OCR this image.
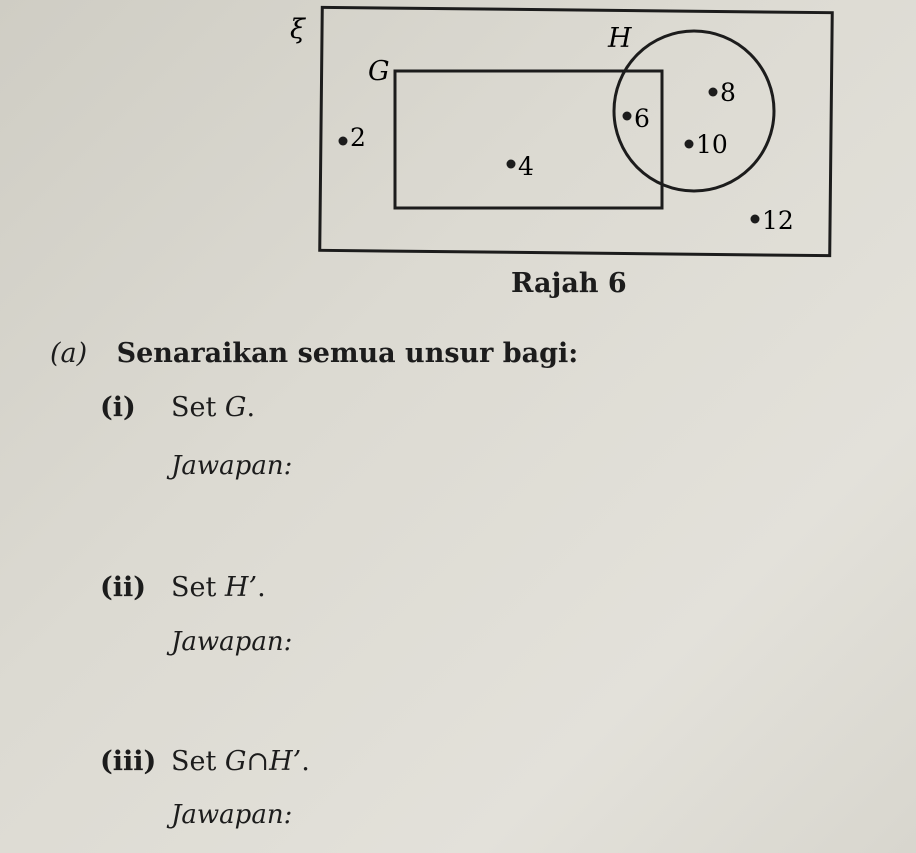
ξ
G
H
2
4
6
8
10
12
Rajah 6
(a) Senaraikan semua unsur bagi:
(i) Set G.
Jawapan:
(ii) Set H’.
Jawapan:
(iii) Set G∩H’.
Jawapan:
